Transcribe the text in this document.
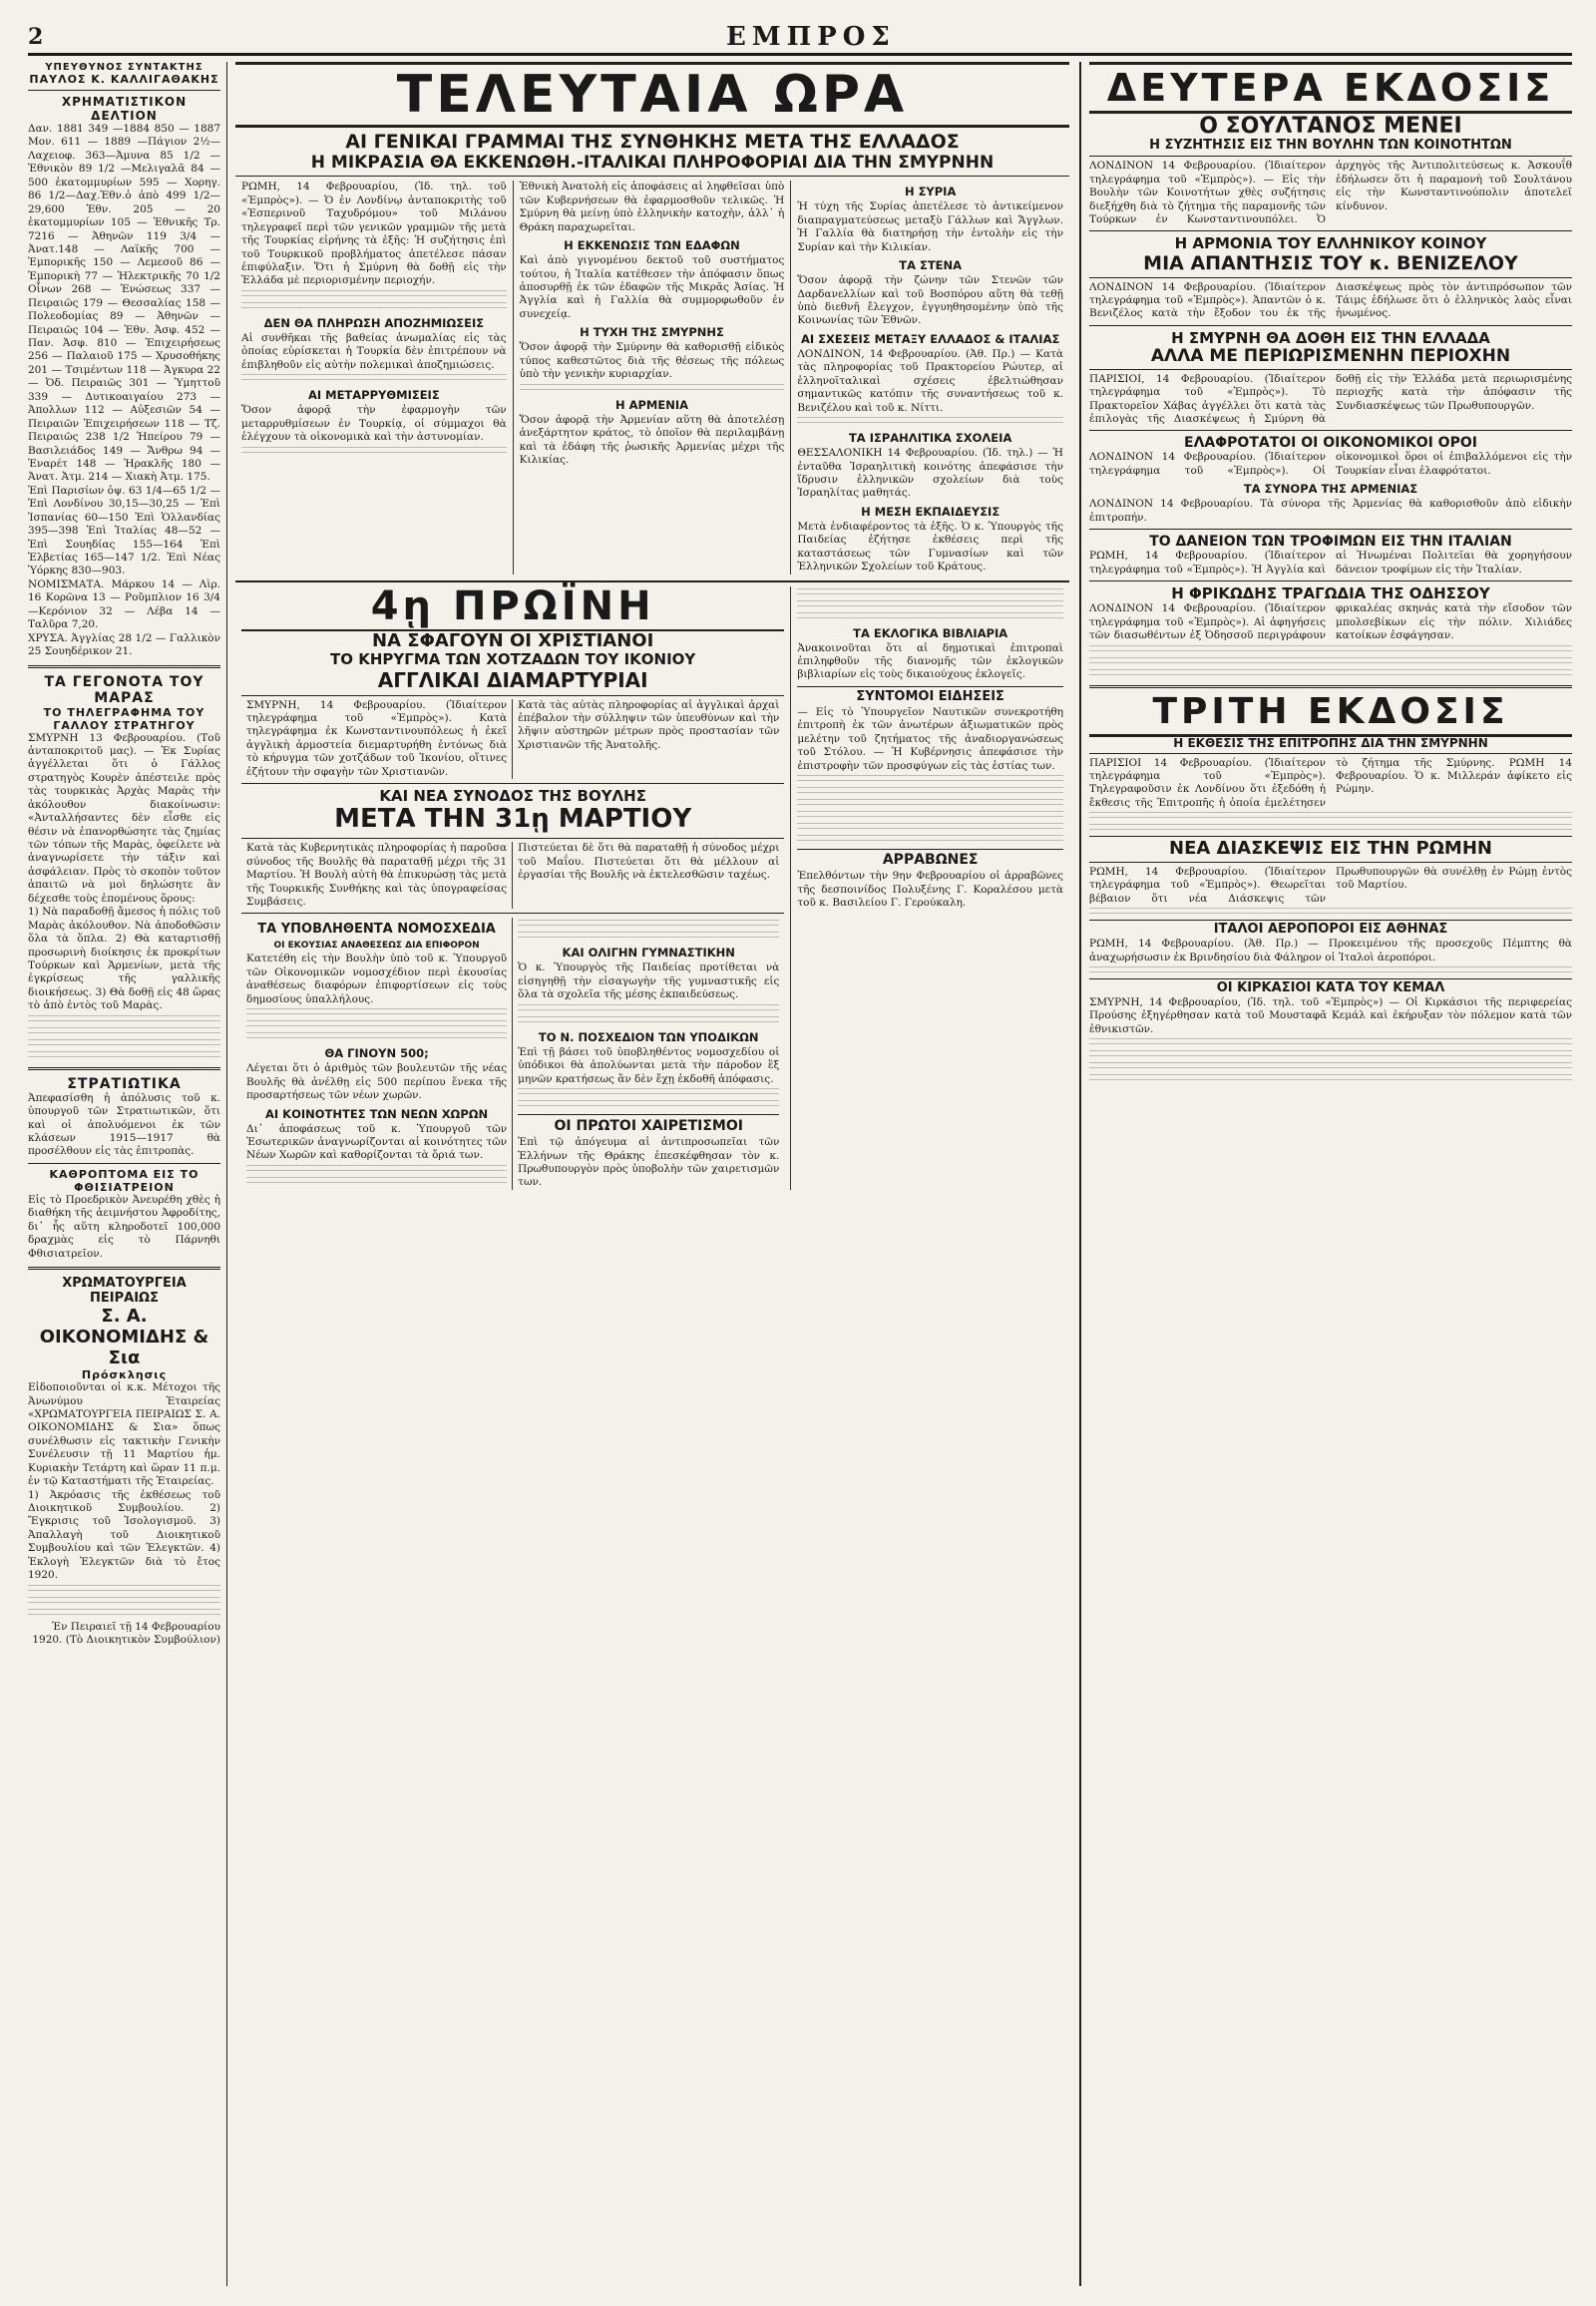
2	ΕΜΠΡΟΣ
ΥΠΕΥΘΥΝΟΣ ΣΥΝΤΑΚΤΗΣ
ΠΑΥΛΟΣ Κ. ΚΑΛΛΙΓΑΘΑΚΗΣ
ΧΡΗΜΑΤΙΣΤΙΚΟΝ ΔΕΛΤΙΟΝ

Δαν. 1881 349 —1884 850 — 1887 Μον. 611 — 1889 —Πάγιον 2½—Λαχειοφ. 363—Ἀμυνα 85 1/2 —Ἐθνικὸν 89 1/2 —Μελιγαλᾶ 84 — 500 ἑκατομμυρίων 595 — Χορηγ. 86 1/2—Δαχ.Ἐθν.ὁ ἀπὸ 499 1/2—29,600 Ἐθν. 205 — 20 ἑκατομμυρίων 105 — Ἐθνικῆς Τρ. 7216 — Ἀθηνῶν 119 3/4 — Ἀνατ.148 — Λαϊκῆς 700 — Ἐμπορικῆς 150 — Λεμεσοῦ 86 — Ἐμπορικὴ 77 — Ἠλεκτρικῆς 70 1/2 Οἶνων 268 — Ἑνώσεως 337 — Πειραιῶς 179 — Θεσσαλίας 158 — Πολεοδομίας 89 — Ἀθηνῶν — Πειραιῶς 104 — Ἐθν. Ἀσφ. 452 — Παν. Ἀσφ. 810 — Ἐπιχειρήσεως 256 — Παλαιοῦ 175 — Χρυσοθήκης 201 — Τσιμέντων 118 — Ἀγκυρα 22 — Ὀδ. Πειραιῶς 301 — Ὑμηττοῦ 339 — Δυτικοαιγαίου 273 — Ἀπολλων 112 — Αὐξεσιῶν 54 — Πειραιῶν Ἐπιχειρήσεων 118 — Τζ. Πειραιῶς 238 1/2 Ἠπείρου 79 — Βασιλειάδος 149 — Ἄνθρω 94 — Ἐναρέτ 148 — Ἡρακλῆς 180 — Ἀνατ. Ἀτμ. 214 — Χιακὴ Ἀτμ. 175.

Ἐπὶ Παρισίων ὀψ. 63 1/4—65 1/2 — Ἐπὶ Λονδίνου 30,15—30,25 — Ἐπὶ Ἰσπανίας 60—150 Ἐπὶ Ὁλλανδίας 395—398 Ἐπὶ Ἰταλίας 48—52 — Ἐπὶ Σουηδίας 155—164 Ἐπὶ Ἑλβετίας 165—147 1/2. Ἐπὶ Νέας Ὑόρκης 830—903.

ΝΟΜΙΣΜΑΤΑ. Μάρκου 14 — Λὶρ. 16 Κορῶνα 13 — Ροῦμπλιον 16 3/4 —Κερόνιον 32 — Λέβα 14 — Ταλῦρα 7,20.

ΧΡΥΣΑ. Ἀγγλίας 28 1/2 — Γαλλικὸν 25 Σουηδέρικον 21.

ΤΑ ΓΕΓΟΝΟΤΑ ΤΟΥ ΜΑΡΑΣ
ΤΟ ΤΗΛΕΓΡΑΦΗΜΑ ΤΟΥ ΓΑΛΛΟΥ ΣΤΡΑΤΗΓΟΥ

ΣΜΥΡΝΗ 13 Φεβρουαρίου. (Τοῦ ἀνταποκριτοῦ μας). — Ἐκ Συρίας ἀγγέλλεται ὅτι ὁ Γάλλος στρατηγὸς Κουρὲν ἀπέστειλε πρὸς τὰς τουρκικὰς Ἀρχὰς Μαρὰς τὴν ἀκόλουθον διακοίνωσιν: «Ἀνταλλήσαντες δὲν εἶσθε εἰς θέσιν νὰ ἐπανορθώσητε τὰς ζημίας τῶν τόπων τῆς Μαρὰς, ὀφείλετε νὰ ἀναγνωρίσετε τὴν τάξιν καὶ ἀσφάλειαν. Πρὸς τὸ σκοπὸν τοῦτον ἀπαιτῶ νὰ μοὶ δηλώσητε ἂν δέχεσθε τοὺς ἑπομένους ὅρους:

1) Νὰ παραδοθῇ ἄμεσος ἡ πόλις τοῦ Μαρὰς ἀκόλουθον. Νὰ ἀποδοθῶσιν ὅλα τὰ ὅπλα. 2) Θὰ καταρτισθῇ προσωρινὴ διοίκησις ἐκ προκρίτων Τούρκων καὶ Ἀρμενίων, μετὰ τῆς ἐγκρίσεως τῆς γαλλικῆς διοικήσεως. 3) Θὰ δοθῇ εἰς 48 ὥρας τὸ ἀπὸ ἐντὸς τοῦ Μαρὰς.

ΣΤΡΑΤΙΩΤΙΚΑ

Ἀπεφασίσθη ἡ ἀπόλυσις τοῦ κ. ὑπουργοῦ τῶν Στρατιωτικῶν, ὅτι καὶ οἱ ἀπολυόμενοι ἐκ τῶν κλάσεων 1915—1917 θὰ προσέλθουν εἰς τὰς ἐπιτροπὰς.

ΚΑΘΡΟΠΤΟΜΑ ΕΙΣ ΤΟ ΦΘΙΣΙΑΤΡΕΙΟΝ

Εἰς τὸ Προεδρικὸν Ἀνευρέθη χθὲς ἡ διαθήκη τῆς ἀειμνήστου Ἀφροδίτης, δι᾽ ἧς αὕτη κληροδοτεῖ 100,000 δραχμὰς εἰς τὸ Πάρνηθι Φθισιατρεῖον.

ΧΡΩΜΑΤΟΥΡΓΕΙΑ ΠΕΙΡΑΙΩΣ
Σ. Α. ΟΙΚΟΝΟΜΙΔΗΣ & Σια
Πρόσκλησις

Εἰδοποιοῦνται οἱ κ.κ. Μέτοχοι τῆς Ἀνωνύμου Ἑταιρείας «ΧΡΩΜΑΤΟΥΡΓΕΙΑ ΠΕΙΡΑΙΩΣ Σ. Α. ΟΙΚΟΝΟΜΙΔΗΣ & Σια» ὅπως συνέλθωσιν εἰς τακτικὴν Γενικὴν Συνέλευσιν τῇ 11 Μαρτίου ἡμ. Κυριακὴν Τετάρτη καὶ ὥραν 11 π.μ. ἐν τῷ Καταστήματι τῆς Ἑταιρείας.

1) Ἀκρόασις τῆς ἐκθέσεως τοῦ Διοικητικοῦ Συμβουλίου. 2) Ἔγκρισις τοῦ Ἰσολογισμοῦ. 3) Ἀπαλλαγὴ τοῦ Διοικητικοῦ Συμβουλίου καὶ τῶν Ἐλεγκτῶν. 4) Ἐκλογὴ Ἐλεγκτῶν διὰ τὸ ἔτος 1920.

Ἐν Πειραιεῖ τῇ 14 Φεβρουαρίου 1920. (Τὸ Διοικητικὸν Συμβούλιον)

ΤΕΛΕΥΤΑΙΑ ΩΡΑ
ΑΙ ΓΕΝΙΚΑΙ ΓΡΑΜΜΑΙ ΤΗΣ ΣΥΝΘΗΚΗΣ ΜΕΤΑ ΤΗΣ ΕΛΛΑΔΟΣ
Η ΜΙΚΡΑΣΙΑ ΘΑ ΕΚΚΕΝΩΘΗ.-ΙΤΑΛΙΚΑΙ ΠΛΗΡΟΦΟΡΙΑΙ ΔΙΑ ΤΗΝ ΣΜΥΡΝΗΝ

ΡΩΜΗ, 14 Φεβρουαρίου, (Ἰδ. τηλ. τοῦ «Ἐμπρὸς»). — Ὁ ἐν Λονδίνῳ ἀνταποκριτὴς τοῦ «Ἑσπερινοῦ Ταχυδρόμου» τοῦ Μιλάνου τηλεγραφεῖ περὶ τῶν γενικῶν γραμμῶν τῆς μετὰ τῆς Τουρκίας εἰρήνης τὰ ἑξῆς: Ἡ συζήτησις ἐπὶ τοῦ Τουρκικοῦ προβλήματος ἀπετέλεσε πάσαν ἐπιφύλαξιν. Ὅτι ἡ Σμύρνη θὰ δοθῇ εἰς τὴν Ἑλλάδα μὲ περιορισμένην περιοχήν.

ΔΕΝ ΘΑ ΠΛΗΡΩΣΗ ΑΠΟΖΗΜΙΩΣΕΙΣ

Αἱ συνθῆκαι τῆς βαθείας ἀνωμαλίας εἰς τὰς ὁποίας εὑρίσκεται ἡ Τουρκία δὲν ἐπιτρέπουν νὰ ἐπιβληθοῦν εἰς αὐτὴν πολεμικαὶ ἀποζημιώσεις.

ΑΙ ΜΕΤΑΡΡΥΘΜΙΣΕΙΣ

Ὅσον ἀφορᾷ τὴν ἐφαρμογὴν τῶν μεταρρυθμίσεων ἐν Τουρκίᾳ, οἱ σύμμαχοι θὰ ἐλέγχουν τὰ οἰκονομικὰ καὶ τὴν ἀστυνομίαν.

Ἐθνικὴ Ἀνατολὴ εἰς ἀποφάσεις αἱ ληφθεῖσαι ὑπὸ τῶν Κυβερνήσεων θὰ ἐφαρμοσθοῦν τελικῶς. Ἡ Σμύρνη θὰ μείνῃ ὑπὸ ἑλληνικὴν κατοχὴν, ἀλλ᾽ ἡ Θράκη παραχωρεῖται.

Η ΕΚΚΕΝΩΣΙΣ ΤΩΝ ΕΔΑΦΩΝ

Καὶ ἀπὸ γιγνομένου δεκτοῦ τοῦ συστήματος τούτου, ἡ Ἰταλία κατέθεσεν τὴν ἀπόφασιν ὅπως ἀποσυρθῇ ἐκ τῶν ἐδαφῶν τῆς Μικρᾶς Ἀσίας. Ἡ Ἀγγλία καὶ ἡ Γαλλία θὰ συμμορφωθοῦν ἐν συνεχείᾳ.

Η ΤΥΧΗ ΤΗΣ ΣΜΥΡΝΗΣ

Ὅσον ἀφορᾷ τὴν Σμύρνην θὰ καθορισθῇ εἰδικὸς τύπος καθεστῶτος διὰ τῆς θέσεως τῆς πόλεως ὑπὸ τὴν γενικὴν κυριαρχίαν.

Η ΑΡΜΕΝΙΑ

Ὅσον ἀφορᾷ τὴν Ἀρμενίαν αὕτη θὰ ἀποτελέσῃ ἀνεξάρτητον κράτος, τὸ ὁποῖον θὰ περιλαμβάνῃ καὶ τὰ ἐδάφη τῆς ῥωσικῆς Ἀρμενίας μέχρι τῆς Κιλικίας.

Η ΣΥΡΙΑ

Ἡ τύχη τῆς Συρίας ἀπετέλεσε τὸ ἀντικείμενον διαπραγματεύσεως μεταξὺ Γάλλων καὶ Ἄγγλων. Ἡ Γαλλία θὰ διατηρήσῃ τὴν ἐντολὴν εἰς τὴν Συρίαν καὶ τὴν Κιλικίαν.

ΤΑ ΣΤΕΝΑ

Ὅσον ἀφορᾷ τὴν ζώνην τῶν Στενῶν τῶν Δαρδανελλίων καὶ τοῦ Βοσπόρου αὕτη θὰ τεθῇ ὑπὸ διεθνῆ ἔλεγχον, ἐγγυηθησομένην ὑπὸ τῆς Κοινωνίας τῶν Ἐθνῶν.

ΑΙ ΣΧΕΣΕΙΣ ΜΕΤΑΞΥ ΕΛΛΑΔΟΣ & ΙΤΑΛΙΑΣ

ΛΟΝΔΙΝΟΝ, 14 Φεβρουαρίου. (Ἀθ. Πρ.) — Κατὰ τὰς πληροφορίας τοῦ Πρακτορείου Ρώυτερ, αἱ ἑλληνοϊταλικαὶ σχέσεις ἐβελτιώθησαν σημαντικῶς κατόπιν τῆς συναντήσεως τοῦ κ. Βενιζέλου καὶ τοῦ κ. Νίττι.

ΤΑ ΙΣΡΑΗΛΙΤΙΚΑ ΣΧΟΛΕΙΑ

ΘΕΣΣΑΛΟΝΙΚΗ 14 Φεβρουαρίου. (Ἰδ. τηλ.) — Ἡ ἐνταῦθα Ἰσραηλιτικὴ κοινότης ἀπεφάσισε τὴν ἵδρυσιν ἑλληνικῶν σχολείων διὰ τοὺς Ἰσραηλίτας μαθητάς.

Η ΜΕΣΗ ΕΚΠΑΙΔΕΥΣΙΣ

Μετὰ ἐνδιαφέροντος τὰ ἑξῆς. Ὁ κ. Ὑπουργὸς τῆς Παιδείας ἐζήτησε ἐκθέσεις περὶ τῆς καταστάσεως τῶν Γυμνασίων καὶ τῶν Ἑλληνικῶν Σχολείων τοῦ Κράτους.

4ῃ ΠΡΩΪΝΗ
ΝΑ ΣΦΑΓΟΥΝ ΟΙ ΧΡΙΣΤΙΑΝΟΙ
ΤΟ ΚΗΡΥΓΜΑ ΤΩΝ ΧΟΤΖΑΔΩΝ ΤΟΥ ΙΚΟΝΙΟΥ
ΑΓΓΛΙΚΑΙ ΔΙΑΜΑΡΤΥΡΙΑΙ

ΣΜΥΡΝΗ, 14 Φεβρουαρίου. (Ἰδιαίτερον τηλεγράφημα τοῦ «Ἐμπρὸς»). Κατὰ τηλεγράφημα ἐκ Κωνσταντινουπόλεως ἡ ἐκεῖ ἀγγλικὴ ἀρμοστεία διεμαρτυρήθη ἐντόνως διὰ τὸ κήρυγμα τῶν χοτζάδων τοῦ Ἰκονίου, οἵτινες ἐζήτουν τὴν σφαγὴν τῶν Χριστιανῶν.

Κατὰ τὰς αὐτὰς πληροφορίας αἱ ἀγγλικαὶ ἀρχαὶ ἐπέβαλον τὴν σύλληψιν τῶν ὑπευθύνων καὶ τὴν λῆψιν αὐστηρῶν μέτρων πρὸς προστασίαν τῶν Χριστιανῶν τῆς Ἀνατολῆς.

ΚΑΙ ΝΕΑ ΣΥΝΟΔΟΣ ΤΗΣ ΒΟΥΛΗΣ
ΜΕΤΑ ΤΗΝ 31ῃ ΜΑΡΤΙΟΥ

Κατὰ τὰς Κυβερνητικὰς πληροφορίας ἡ παροῦσα σύνοδος τῆς Βουλῆς θὰ παραταθῇ μέχρι τῆς 31 Μαρτίου. Ἡ Βουλὴ αὐτὴ θὰ ἐπικυρώσῃ τὰς μετὰ τῆς Τουρκικῆς Συνθήκης καὶ τὰς ὑπογραφείσας Συμβάσεις.

Πιστεύεται δὲ ὅτι θὰ παραταθῇ ἡ σύνοδος μέχρι τοῦ Μαΐου. Πιστεύεται ὅτι θὰ μέλλουν αἱ ἐργασίαι τῆς Βουλῆς νὰ ἐκτελεσθῶσιν ταχέως.

ΤΑ ΥΠΟΒΛΗΘΕΝΤΑ ΝΟΜΟΣΧΕΔΙΑ
ΟΙ ΕΚΟΥΣΙΑΣ ΑΝΑΘΕΣΕΩΣ ΔΙΑ ΕΠΙΦΟΡΟΝ

Κατετέθη εἰς τὴν Βουλὴν ὑπὸ τοῦ κ. Ὑπουργοῦ τῶν Οἰκονομικῶν νομοσχέδιον περὶ ἐκουσίας ἀναθέσεως διαφόρων ἐπιφορτίσεων εἰς τοὺς δημοσίους ὑπαλλήλους.

ΘΑ ΓΙΝΟΥΝ 500;

Λέγεται ὅτι ὁ ἀριθμὸς τῶν βουλευτῶν τῆς νέας Βουλῆς θὰ ἀνέλθῃ εἰς 500 περίπου ἕνεκα τῆς προσαρτήσεως τῶν νέων χωρῶν.

ΑΙ ΚΟΙΝΟΤΗΤΕΣ ΤΩΝ ΝΕΩΝ ΧΩΡΩΝ

Δι᾽ ἀποφάσεως τοῦ κ. Ὑπουργοῦ τῶν Ἐσωτερικῶν ἀναγνωρίζονται αἱ κοινότητες τῶν Νέων Χωρῶν καὶ καθορίζονται τὰ ὅριά των.

ΚΑΙ ΟΛΙΓΗΝ ΓΥΜΝΑΣΤΙΚΗΝ

Ὁ κ. Ὑπουργὸς τῆς Παιδείας προτίθεται νὰ εἰσηγηθῇ τὴν εἰσαγωγὴν τῆς γυμναστικῆς εἰς ὅλα τὰ σχολεῖα τῆς μέσης ἐκπαιδεύσεως.

ΤΟ Ν. ΠΟΣΧΕΔΙΟΝ ΤΩΝ ΥΠΟΔΙΚΩΝ

Ἐπὶ τῇ βάσει τοῦ ὑποβληθέντος νομοσχεδίου οἱ ὑπόδικοι θὰ ἀπολύωνται μετὰ τὴν πάροδον ἓξ μηνῶν κρατήσεως ἂν δὲν ἔχῃ ἐκδοθῆ ἀπόφασις.

ΟΙ ΠΡΩΤΟΙ ΧΑΙΡΕΤΙΣΜΟΙ

Ἐπὶ τῷ ἀπόγευμα αἱ ἀντιπροσωπεῖαι τῶν Ἑλλήνων τῆς Θράκης ἐπεσκέφθησαν τὸν κ. Πρωθυπουργὸν πρὸς ὑποβολὴν τῶν χαιρετισμῶν των.

ΤΑ ΕΚΛΟΓΙΚΑ ΒΙΒΛΙΑΡΙΑ

Ἀνακοινοῦται ὅτι αἱ δημοτικαὶ ἐπιτροπαὶ ἐπιληφθοῦν τῆς διανομῆς τῶν ἐκλογικῶν βιβλιαρίων εἰς τοὺς δικαιούχους ἐκλογεῖς.

ΣΥΝΤΟΜΟΙ ΕΙΔΗΣΕΙΣ

— Εἰς τὸ Ὑπουργεῖον Ναυτικῶν συνεκροτήθη ἐπιτροπὴ ἐκ τῶν ἀνωτέρων ἀξιωματικῶν πρὸς μελέτην τοῦ ζητήματος τῆς ἀναδιοργανώσεως τοῦ Στόλου. — Ἡ Κυβέρνησις ἀπεφάσισε τὴν ἐπιστροφὴν τῶν προσφύγων εἰς τὰς ἑστίας των.

ΑΡΡΑΒΩΝΕΣ

Ἐπελθόντων τὴν 9ην Φεβρουαρίου οἱ ἀρραβῶνες τῆς δεσποινίδος Πολυξένης Γ. Κοραλέσου μετὰ τοῦ κ. Βασιλείου Γ. Γερούκαλη.

ΔΕΥΤΕΡΑ ΕΚΔΟΣΙΣ
Ο ΣΟΥΛΤΑΝΟΣ ΜΕΝΕΙ
Η ΣΥΖΗΤΗΣΙΣ ΕΙΣ ΤΗΝ ΒΟΥΛΗΝ ΤΩΝ ΚΟΙΝΟΤΗΤΩΝ

ΛΟΝΔΙΝΟΝ 14 Φεβρουαρίου. (Ἰδιαίτερον τηλεγράφημα τοῦ «Ἐμπρὸς»). — Εἰς τὴν Βουλὴν τῶν Κοινοτήτων χθὲς συζήτησις διεξήχθη διὰ τὸ ζήτημα τῆς παραμονῆς τῶν Τούρκων ἐν Κωνσταντινουπόλει. Ὁ ἀρχηγὸς τῆς Ἀντιπολιτεύσεως κ. Ἀσκουΐθ ἐδήλωσεν ὅτι ἡ παραμονὴ τοῦ Σουλτάνου εἰς τὴν Κωνσταντινούπολιν ἀποτελεῖ κίνδυνον.

Η ΑΡΜΟΝΙΑ ΤΟΥ ΕΛΛΗΝΙΚΟΥ ΚΟΙΝΟΥ
ΜΙΑ ΑΠΑΝΤΗΣΙΣ ΤΟΥ κ. ΒΕΝΙΖΕΛΟΥ

ΛΟΝΔΙΝΟΝ 14 Φεβρουαρίου. (Ἰδιαίτερον τηλεγράφημα τοῦ «Ἐμπρὸς»). Ἀπαντῶν ὁ κ. Βενιζέλος κατὰ τὴν ἔξοδον του ἐκ τῆς Διασκέψεως πρὸς τὸν ἀντιπρόσωπον τῶν Τάιμς ἐδήλωσε ὅτι ὁ ἑλληνικὸς λαὸς εἶναι ἡνωμένος.

Η ΣΜΥΡΝΗ ΘΑ ΔΟΘΗ ΕΙΣ ΤΗΝ ΕΛΛΑΔΑ
ΑΛΛΑ ΜΕ ΠΕΡΙΩΡΙΣΜΕΝΗΝ ΠΕΡΙΟΧΗΝ

ΠΑΡΙΣΙΟΙ, 14 Φεβρουαρίου. (Ἰδιαίτερον τηλεγράφημα τοῦ «Ἐμπρὸς»). Τὸ Πρακτορεῖον Χάβας ἀγγέλλει ὅτι κατὰ τὰς ἐπιλογὰς τῆς Διασκέψεως ἡ Σμύρνη θὰ δοθῇ εἰς τὴν Ἑλλάδα μετὰ περιωρισμένης περιοχῆς κατὰ τὴν ἀπόφασιν τῆς Συνδιασκέψεως τῶν Πρωθυπουργῶν.

ΕΛΑΦΡΟΤΑΤΟΙ ΟΙ ΟΙΚΟΝΟΜΙΚΟΙ ΟΡΟΙ

ΛΟΝΔΙΝΟΝ 14 Φεβρουαρίου. (Ἰδιαίτερον τηλεγράφημα τοῦ «Ἐμπρὸς»). Οἱ οἰκονομικοὶ ὅροι οἱ ἐπιβαλλόμενοι εἰς τὴν Τουρκίαν εἶναι ἐλαφρότατοι.

ΤΑ ΣΥΝΟΡΑ ΤΗΣ ΑΡΜΕΝΙΑΣ

ΛΟΝΔΙΝΟΝ 14 Φεβρουαρίου. Τὰ σύνορα τῆς Ἀρμενίας θὰ καθορισθοῦν ἀπὸ εἰδικὴν ἐπιτροπήν.

ΤΟ ΔΑΝΕΙΟΝ ΤΩΝ ΤΡΟΦΙΜΩΝ ΕΙΣ ΤΗΝ ΙΤΑΛΙΑΝ

ΡΩΜΗ, 14 Φεβρουαρίου. (Ἰδιαίτερον τηλεγράφημα τοῦ «Ἐμπρὸς»). Ἡ Ἀγγλία καὶ αἱ Ἡνωμέναι Πολιτεῖαι θὰ χορηγήσουν δάνειον τροφίμων εἰς τὴν Ἰταλίαν.

Η ΦΡΙΚΩΔΗΣ ΤΡΑΓΩΔΙΑ ΤΗΣ ΟΔΗΣΣΟΥ

ΛΟΝΔΙΝΟΝ 14 Φεβρουαρίου. (Ἰδιαίτερον τηλεγράφημα τοῦ «Ἐμπρὸς»). Αἱ ἀφηγήσεις τῶν διασωθέντων ἐξ Ὀδησσοῦ περιγράφουν φρικαλέας σκηνάς κατὰ τὴν εἴσοδον τῶν μπολσεβίκων εἰς τὴν πόλιν. Χιλιάδες κατοίκων ἐσφάγησαν.

ΤΡΙΤΗ ΕΚΔΟΣΙΣ
Η ΕΚΘΕΣΙΣ ΤΗΣ ΕΠΙΤΡΟΠΗΣ ΔΙΑ ΤΗΝ ΣΜΥΡΝΗΝ

ΠΑΡΙΣΙΟΙ 14 Φεβρουαρίου. (Ἰδιαίτερον τηλεγράφημα τοῦ «Ἐμπρὸς»). Τηλεγραφοῦσιν ἐκ Λονδίνου ὅτι ἐξεδόθη ἡ ἔκθεσις τῆς Ἐπιτροπῆς ἡ ὁποία ἐμελέτησεν τὸ ζήτημα τῆς Σμύρνης. ΡΩΜΗ 14 Φεβρουαρίου. Ὁ κ. Μιλλεράν ἀφίκετο εἰς Ρώμην.

ΝΕΑ ΔΙΑΣΚΕΨΙΣ ΕΙΣ ΤΗΝ ΡΩΜΗΝ

ΡΩΜΗ, 14 Φεβρουαρίου. (Ἰδιαίτερον τηλεγράφημα τοῦ «Ἐμπρὸς»). Θεωρεῖται βέβαιον ὅτι νέα Διάσκεψις τῶν Πρωθυπουργῶν θὰ συνέλθῃ ἐν Ρώμῃ ἐντὸς τοῦ Μαρτίου.

ΙΤΑΛΟΙ ΑΕΡΟΠΟΡΟΙ ΕΙΣ ΑΘΗΝΑΣ

ΡΩΜΗ, 14 Φεβρουαρίου. (Ἀθ. Πρ.) — Προκειμένου τῆς προσεχοῦς Πέμπτης θὰ ἀναχωρήσωσιν ἐκ Βρινδησίου διὰ Φάληρον οἱ Ἰταλοὶ ἀεροπόροι.

ΟΙ ΚΙΡΚΑΣΙΟΙ ΚΑΤΑ ΤΟΥ ΚΕΜΑΛ

ΣΜΥΡΝΗ, 14 Φεβρουαρίου, (Ἰδ. τηλ. τοῦ «Ἐμπρὸς») — Οἱ Κιρκάσιοι τῆς περιφερείας Προύσης ἐξηγέρθησαν κατὰ τοῦ Μουσταφᾶ Κεμάλ καὶ ἐκήρυξαν τὸν πόλεμον κατὰ τῶν ἐθνικιστῶν.
